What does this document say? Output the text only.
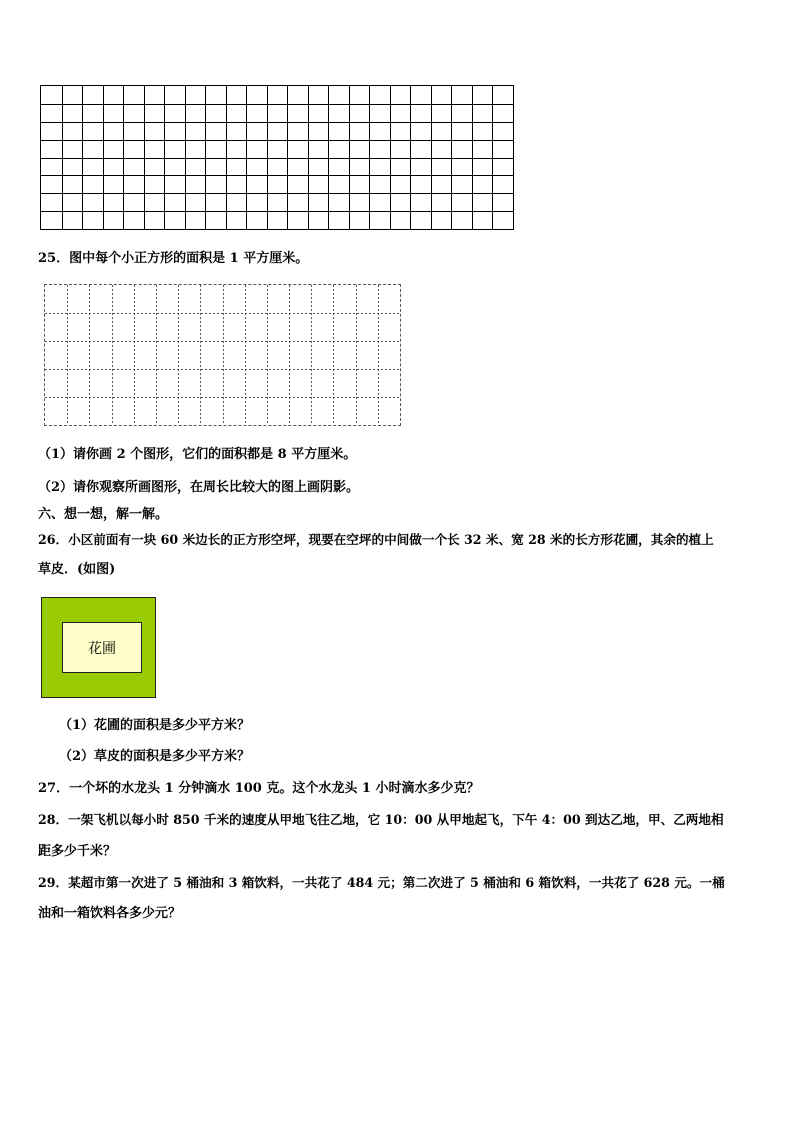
25．图中每个小正方形的面积是 1 平方厘米。
（1）请你画 2 个图形，它们的面积都是 8 平方厘米。
（2）请你观察所画图形，在周长比较大的图上画阴影。
六、想一想，解一解。
26．小区前面有一块 60 米边长的正方形空坪，现要在空坪的中间做一个长 32 米、宽 28 米的长方形花圃，其余的植上
草皮．(如图)
花圃
（1）花圃的面积是多少平方米？
（2）草皮的面积是多少平方米？
27．一个坏的水龙头 1 分钟滴水 100 克。这个水龙头 1 小时滴水多少克？
28．一架飞机以每小时 850 千米的速度从甲地飞往乙地，它 10：00 从甲地起飞，下午 4：00 到达乙地，甲、乙两地相
距多少千米？
29．某超市第一次进了 5 桶油和 3 箱饮料，一共花了 484 元；第二次进了 5 桶油和 6 箱饮料，一共花了 628 元。一桶
油和一箱饮料各多少元？
